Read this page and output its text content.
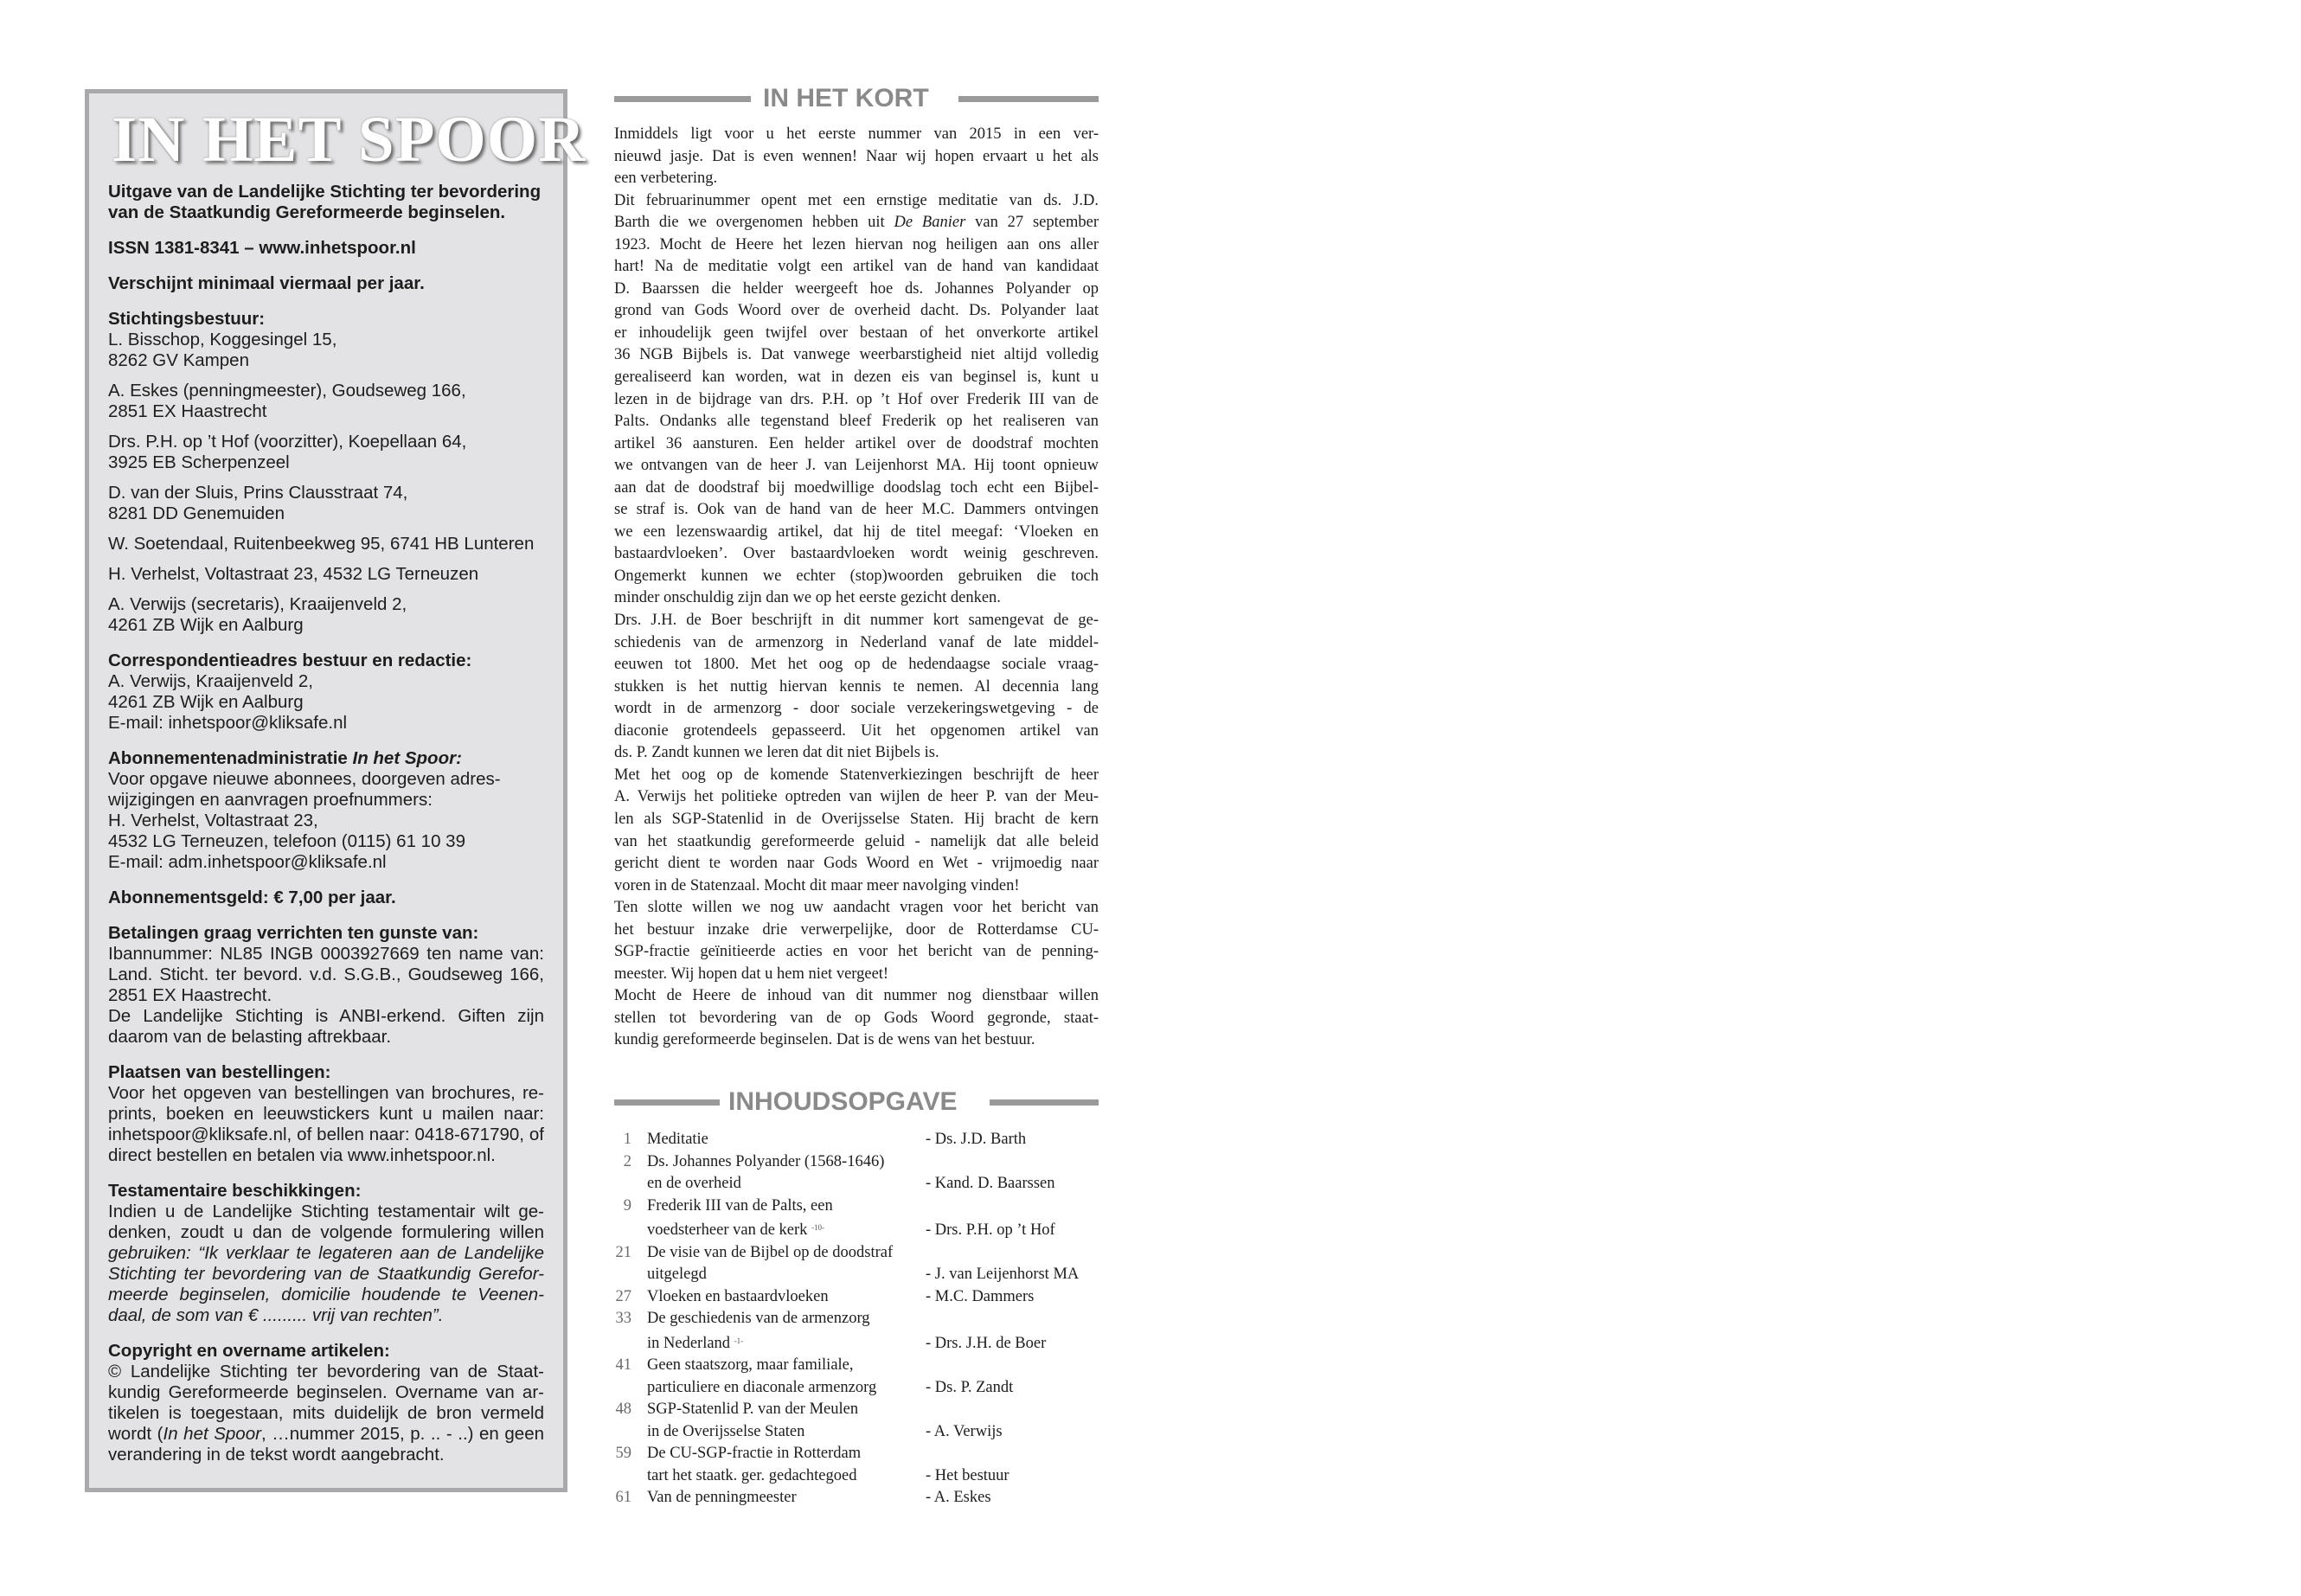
IN HET SPOOR
Uitgave van de Landelijke Stichting ter bevordering
van de Staatkundig Gereformeerde beginselen.
ISSN 1381-8341 – www.inhetspoor.nl
Verschijnt minimaal viermaal per jaar.
Stichtingsbestuur:
L. Bisschop, Koggesingel 15,
8262 GV Kampen
A. Eskes (penningmeester), Goudseweg 166,
2851 EX Haastrecht
Drs. P.H. op ’t Hof (voorzitter), Koepellaan 64,
3925 EB Scherpenzeel
D. van der Sluis, Prins Clausstraat 74,
8281 DD Genemuiden
W. Soetendaal, Ruitenbeekweg 95, 6741 HB Lunteren
H. Verhelst, Voltastraat 23, 4532 LG Terneuzen
A. Verwijs (secretaris), Kraaijenveld 2,
4261 ZB Wijk en Aalburg
Correspondentieadres bestuur en redactie:
A. Verwijs, Kraaijenveld 2,
4261 ZB Wijk en Aalburg
E-mail: inhetspoor@kliksafe.nl
Abonnementenadministratie In het Spoor:
Voor opgave nieuwe abonnees, doorgeven adres-
wijzigingen en aanvragen proefnummers:
H. Verhelst, Voltastraat 23,
4532 LG Terneuzen, telefoon (0115) 61 10 39
E-mail: adm.inhetspoor@kliksafe.nl
Abonnementsgeld: € 7,00 per jaar.
Betalingen graag verrichten ten gunste van:
Ibannummer: NL85 INGB 0003927669 ten name van:
Land. Sticht. ter bevord. v.d. S.G.B., Goudseweg 166,
2851 EX Haastrecht.
De Landelijke Stichting is ANBI-erkend. Giften zijn
daarom van de belasting aftrekbaar.
Plaatsen van bestellingen:
Voor het opgeven van bestellingen van brochures, re-
prints, boeken en leeuwstickers kunt u mailen naar:
inhetspoor@kliksafe.nl, of bellen naar: 0418-671790, of
direct bestellen en betalen via www.inhetspoor.nl.
Testamentaire beschikkingen:
Indien u de Landelijke Stichting testamentair wilt ge-
denken, zoudt u dan de volgende formulering willen
gebruiken: “Ik verklaar te legateren aan de Landelijke
Stichting ter bevordering van de Staatkundig Gerefor-
meerde beginselen, domicilie houdende te Veenen-
daal, de som van € ......... vrij van rechten”.
Copyright en overname artikelen:
© Landelijke Stichting ter bevordering van de Staat-
kundig Gereformeerde beginselen. Overname van ar-
tikelen is toegestaan, mits duidelijk de bron vermeld
wordt (In het Spoor, …nummer 2015, p. .. - ..) en geen
verandering in de tekst wordt aangebracht.
IN HET KORT
Inmiddels ligt voor u het eerste nummer van 2015 in een ver-
nieuwd jasje. Dat is even wennen! Naar wij hopen ervaart u het als
een verbetering.
Dit februarinummer opent met een ernstige meditatie van ds. J.D.
Barth die we overgenomen hebben uit De Banier van 27 september
1923. Mocht de Heere het lezen hiervan nog heiligen aan ons aller
hart! Na de meditatie volgt een artikel van de hand van kandidaat
D. Baarssen die helder weergeeft hoe ds. Johannes Polyander op
grond van Gods Woord over de overheid dacht. Ds. Polyander laat
er inhoudelijk geen twijfel over bestaan of het onverkorte artikel
36 NGB Bijbels is. Dat vanwege weerbarstigheid niet altijd volledig
gerealiseerd kan worden, wat in dezen eis van beginsel is, kunt u
lezen in de bijdrage van drs. P.H. op ’t Hof over Frederik III van de
Palts. Ondanks alle tegenstand bleef Frederik op het realiseren van
artikel 36 aansturen. Een helder artikel over de doodstraf mochten
we ontvangen van de heer J. van Leijenhorst MA. Hij toont opnieuw
aan dat de doodstraf bij moedwillige doodslag toch echt een Bijbel-
se straf is. Ook van de hand van de heer M.C. Dammers ontvingen
we een lezenswaardig artikel, dat hij de titel meegaf: ‘Vloeken en
bastaardvloeken’. Over bastaardvloeken wordt weinig geschreven.
Ongemerkt kunnen we echter (stop)woorden gebruiken die toch
minder onschuldig zijn dan we op het eerste gezicht denken.
Drs. J.H. de Boer beschrijft in dit nummer kort samengevat de ge-
schiedenis van de armenzorg in Nederland vanaf de late middel-
eeuwen tot 1800. Met het oog op de hedendaagse sociale vraag-
stukken is het nuttig hiervan kennis te nemen. Al decennia lang
wordt in de armenzorg - door sociale verzekeringswetgeving - de
diaconie grotendeels gepasseerd. Uit het opgenomen artikel van
ds. P. Zandt kunnen we leren dat dit niet Bijbels is.
Met het oog op de komende Statenverkiezingen beschrijft de heer
A. Verwijs het politieke optreden van wijlen de heer P. van der Meu-
len als SGP-Statenlid in de Overijsselse Staten. Hij bracht de kern
van het staatkundig gereformeerde geluid - namelijk dat alle beleid
gericht dient te worden naar Gods Woord en Wet - vrijmoedig naar
voren in de Statenzaal. Mocht dit maar meer navolging vinden!
Ten slotte willen we nog uw aandacht vragen voor het bericht van
het bestuur inzake drie verwerpelijke, door de Rotterdamse CU-
SGP-fractie geïnitieerde acties en voor het bericht van de penning-
meester. Wij hopen dat u hem niet vergeet!
Mocht de Heere de inhoud van dit nummer nog dienstbaar willen
stellen tot bevordering van de op Gods Woord gegronde, staat-
kundig gereformeerde beginselen. Dat is de wens van het bestuur.
INHOUDSOPGAVE
1 Meditatie	- Ds. J.D. Barth
2 Ds. Johannes Polyander (1568-1646)
en de overheid	- Kand. D. Baarssen
9 Frederik III van de Palts, een
voedsterheer van de kerk $^{-10-}$	- Drs. P.H. op ’t Hof
21 De visie van de Bijbel op de doodstraf
uitgelegd	- J. van Leijenhorst MA
27 Vloeken en bastaardvloeken	- M.C. Dammers
33 De geschiedenis van de armenzorg
in Nederland $^{-1-}$	- Drs. J.H. de Boer
41 Geen staatszorg, maar familiale,
particuliere en diaconale armenzorg	- Ds. P. Zandt
48 SGP-Statenlid P. van der Meulen
in de Overijsselse Staten	- A. Verwijs
59 De CU-SGP-fractie in Rotterdam
tart het staatk. ger. gedachtegoed	- Het bestuur
61 Van de penningmeester	- A. Eskes
